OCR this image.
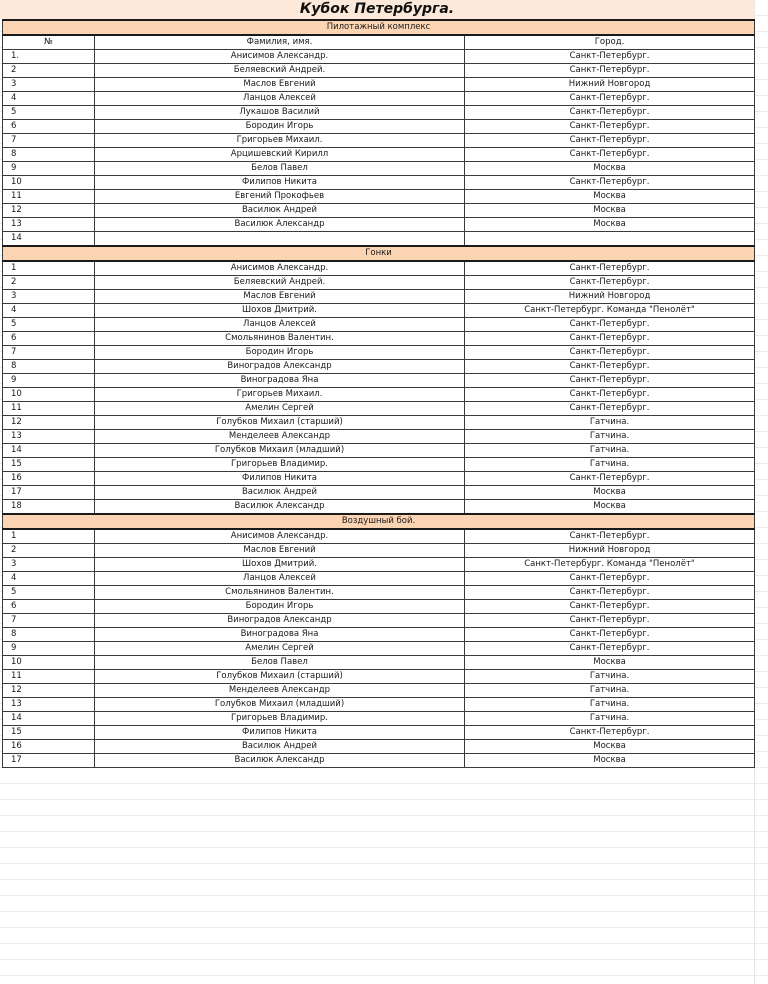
Кубок Петербурга.
Пилотажный комплекс		
№	Фамилия, имя.	Город.
1.	Анисимов Александр.	Санкт-Петербург.
2	Беляевский Андрей.	Санкт-Петербург.
3	Маслов Евгений	Нижний Новгород
4	Ланцов Алексей	Санкт-Петербург.
5	Лукашов Василий	Санкт-Петербург.
6	Бородин Игорь	Санкт-Петербург.
7	Григорьев Михаил.	Санкт-Петербург.
8	Арцишевский Кирилл	Санкт-Петербург.
9	Белов Павел	Москва
10	Филипов Никита	Санкт-Петербург.
11	Евгений Прокофьев	Москва
12	Василюк Андрей	Москва
13	Василюк Александр	Москва
14		
Гонки		
1	Анисимов Александр.	Санкт-Петербург.
2	Беляевский Андрей.	Санкт-Петербург.
3	Маслов Евгений	Нижний Новгород
4	Шохов Дмитрий.	Санкт-Петербург. Команда "Пенолёт"
5	Ланцов Алексей	Санкт-Петербург.
6	Смольянинов Валентин.	Санкт-Петербург.
7	Бородин Игорь	Санкт-Петербург.
8	Виноградов Александр	Санкт-Петербург.
9	Виноградова Яна	Санкт-Петербург.
10	Григорьев Михаил.	Санкт-Петербург.
11	Амелин Сергей	Санкт-Петербург.
12	Голубков Михаил (старший)	Гатчина.
13	Менделеев Александр	Гатчина.
14	Голубков Михаил (младший)	Гатчина.
15	Григорьев Владимир.	Гатчина.
16	Филипов Никита	Санкт-Петербург.
17	Василюк Андрей	Москва
18	Василюк Александр	Москва
Воздушный бой.		
1	Анисимов Александр.	Санкт-Петербург.
2	Маслов Евгений	Нижний Новгород
3	Шохов Дмитрий.	Санкт-Петербург. Команда "Пенолёт"
4	Ланцов Алексей	Санкт-Петербург.
5	Смольянинов Валентин.	Санкт-Петербург.
6	Бородин Игорь	Санкт-Петербург.
7	Виноградов Александр	Санкт-Петербург.
8	Виноградова Яна	Санкт-Петербург.
9	Амелин Сергей	Санкт-Петербург.
10	Белов Павел	Москва
11	Голубков Михаил (старший)	Гатчина.
12	Менделеев Александр	Гатчина.
13	Голубков Михаил (младший)	Гатчина.
14	Григорьев Владимир.	Гатчина.
15	Филипов Никита	Санкт-Петербург.
16	Василюк Андрей	Москва
17	Василюк Александр	Москва
